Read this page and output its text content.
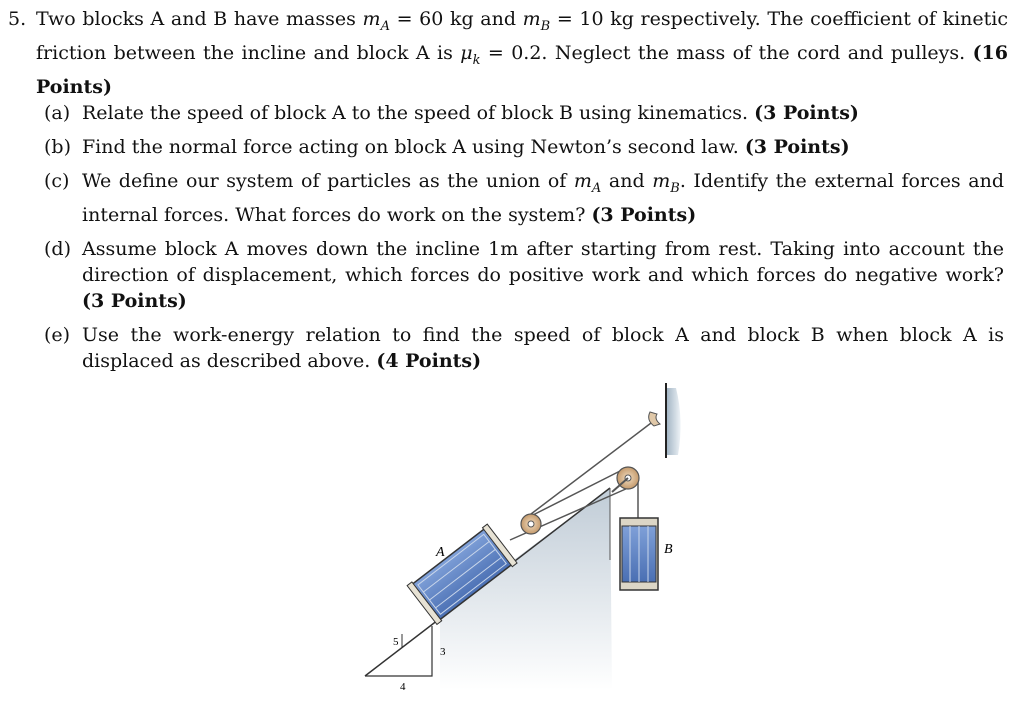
5. Two blocks A and B have masses $m_A = 60$ kg and $m_B = 10$ kg respectively. The coefficient of kinetic friction between the incline and block A is $\mu_k = 0.2$. Neglect the mass of the cord and pulleys. (16 Points)
(a) Relate the speed of block A to the speed of block B using kinematics. (3 Points)
(b) Find the normal force acting on block A using Newton’s second law. (3 Points)
(c) We define our system of particles as the union of $m_A$ and $m_B$. Identify the external forces and internal forces. What forces do work on the system? (3 Points)
(d) Assume block A moves down the incline 1m after starting from rest. Taking into account the direction of displacement, which forces do positive work and which forces do negative work? (3 Points)
(e) Use the work-energy relation to find the speed of block A and block B when block A is displaced as described above. (4 Points)
5
3
4
A	B
